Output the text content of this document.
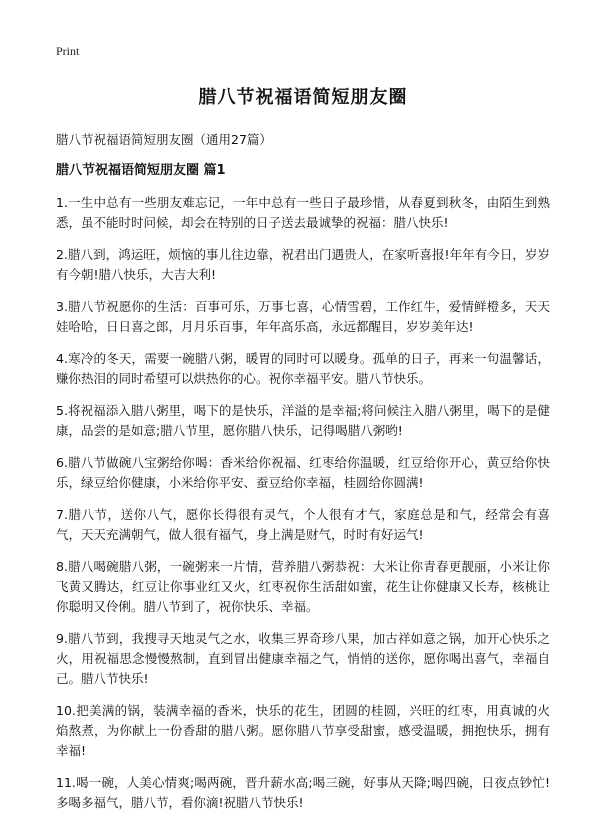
Print
腊八节祝福语简短朋友圈
腊八节祝福语简短朋友圈（通用27篇）
腊八节祝福语简短朋友圈 篇1

1.一生中总有一些朋友难忘记，一年中总有一些日子最珍惜，从春夏到秋冬，由陌生到熟悉，虽不能时时问候，却会在特别的日子送去最诚挚的祝福：腊八快乐!

2.腊八到，鸿运旺，烦恼的事儿往边靠，祝君出门遇贵人，在家听喜报!年年有今日，岁岁有今朝!腊八快乐，大吉大利!

3.腊八节祝愿你的生活：百事可乐，万事七喜，心情雪碧，工作红牛，爱情鲜橙多，天天娃哈哈，日日喜之郎，月月乐百事，年年高乐高，永远都醒目，岁岁美年达!

4.寒冷的冬天，需要一碗腊八粥，暖胃的同时可以暖身。孤单的日子，再来一句温馨话，赚你热泪的同时希望可以烘热你的心。祝你幸福平安。腊八节快乐。

5.将祝福添入腊八粥里，喝下的是快乐，洋溢的是幸福;将问候注入腊八粥里，喝下的是健康，品尝的是如意;腊八节里，愿你腊八快乐，记得喝腊八粥哟!

6.腊八节做碗八宝粥给你喝：香米给你祝福、红枣给你温暖，红豆给你开心，黄豆给你快乐，绿豆给你健康，小米给你平安、蚕豆给你幸福，桂圆给你圆满!

7.腊八节，送你八气，愿你长得很有灵气，个人很有才气，家庭总是和气，经常会有喜气，天天充满朝气，做人很有福气，身上满是财气，时时有好运气!

8.腊八喝碗腊八粥，一碗粥来一片情，营养腊八粥恭祝：大米让你青春更靓丽，小米让你飞黄又腾达，红豆让你事业红又火，红枣祝你生活甜如蜜，花生让你健康又长寿，核桃让你聪明又伶俐。腊八节到了，祝你快乐、幸福。

9.腊八节到，我搜寻天地灵气之水，收集三界奇珍八果，加古祥如意之锅，加开心快乐之火，用祝福思念慢慢熬制，直到冒出健康幸福之气，悄悄的送你，愿你喝出喜气，幸福自己。腊八节快乐!

10.把美满的锅，装满幸福的香米，快乐的花生，团圆的桂圆，兴旺的红枣，用真诚的火焰熬煮，为你献上一份香甜的腊八粥。愿你腊八节享受甜蜜，感受温暖，拥抱快乐，拥有幸福!

11.喝一碗，人美心情爽;喝两碗，晋升薪水高;喝三碗，好事从天降;喝四碗，日夜点钞忙!多喝多福气，腊八节，看你滴!祝腊八节快乐!
